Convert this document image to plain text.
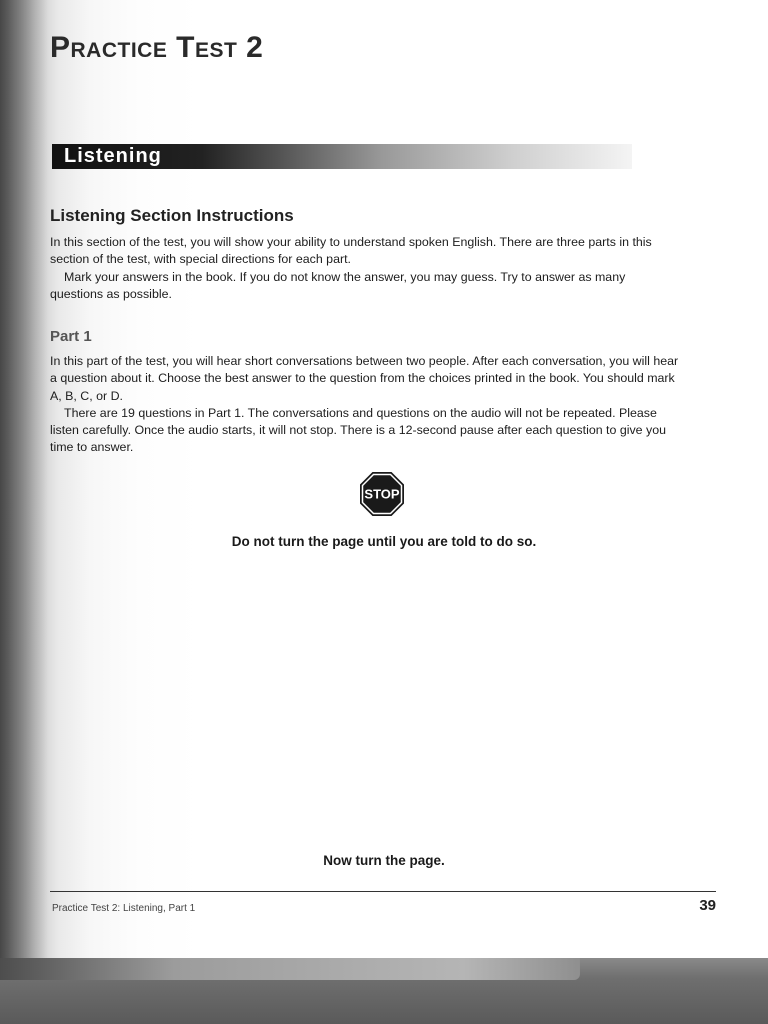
Practice Test 2
Listening
Listening Section Instructions
In this section of the test, you will show your ability to understand spoken English. There are three parts in this section of the test, with special directions for each part.
Mark your answers in the book. If you do not know the answer, you may guess. Try to answer as many questions as possible.
Part 1
In this part of the test, you will hear short conversations between two people. After each conversation, you will hear a question about it. Choose the best answer to the question from the choices printed in the book. You should mark A, B, C, or D.
There are 19 questions in Part 1. The conversations and questions on the audio will not be repeated. Please listen carefully. Once the audio starts, it will not stop. There is a 12-second pause after each question to give you time to answer.
STOP
Do not turn the page until you are told to do so.
Now turn the page.
Practice Test 2: Listening, Part 1	39
